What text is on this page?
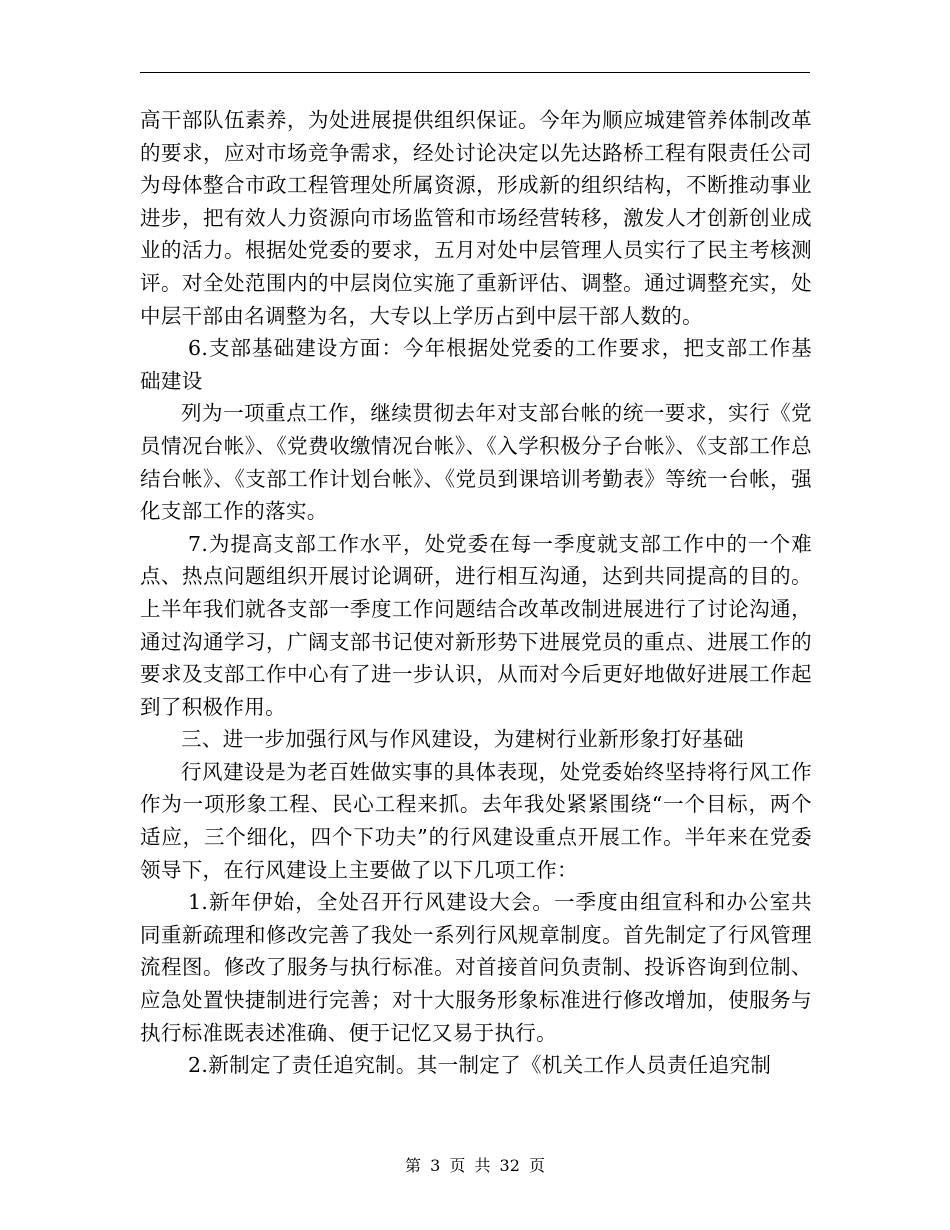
高干部队伍素养，为处进展提供组织保证。今年为顺应城建管养体制改革的要求，应对市场竞争需求，经处讨论决定以先达路桥工程有限责任公司为母体整合市政工程管理处所属资源，形成新的组织结构，不断推动事业进步，把有效人力资源向市场监管和市场经营转移，激发人才创新创业成业的活力。根据处党委的要求，五月对处中层管理人员实行了民主考核测评。对全处范围内的中层岗位实施了重新评估、调整。通过调整充实，处中层干部由名调整为名，大专以上学历占到中层干部人数的。

6.支部基础建设方面：今年根据处党委的工作要求，把支部工作基础建设

列为一项重点工作，继续贯彻去年对支部台帐的统一要求，实行《党员情况台帐》、《党费收缴情况台帐》、《入学积极分子台帐》、《支部工作总结台帐》、《支部工作计划台帐》、《党员到课培训考勤表》等统一台帐，强化支部工作的落实。

7.为提高支部工作水平，处党委在每一季度就支部工作中的一个难点、热点问题组织开展讨论调研，进行相互沟通，达到共同提高的目的。上半年我们就各支部一季度工作问题结合改革改制进展进行了讨论沟通，通过沟通学习，广阔支部书记使对新形势下进展党员的重点、进展工作的要求及支部工作中心有了进一步认识，从而对今后更好地做好进展工作起到了积极作用。

三、进一步加强行风与作风建设，为建树行业新形象打好基础

行风建设是为老百姓做实事的具体表现，处党委始终坚持将行风工作作为一项形象工程、民心工程来抓。去年我处紧紧围绕“一个目标，两个适应，三个细化，四个下功夫”的行风建设重点开展工作。半年来在党委领导下，在行风建设上主要做了以下几项工作：

1.新年伊始，全处召开行风建设大会。一季度由组宣科和办公室共同重新疏理和修改完善了我处一系列行风规章制度。首先制定了行风管理流程图。修改了服务与执行标准。对首接首问负责制、投诉咨询到位制、应急处置快捷制进行完善；对十大服务形象标准进行修改增加，使服务与执行标准既表述准确、便于记忆又易于执行。

2.新制定了责任追究制。其一制定了《机关工作人员责任追究制

第 3 页 共 32 页
